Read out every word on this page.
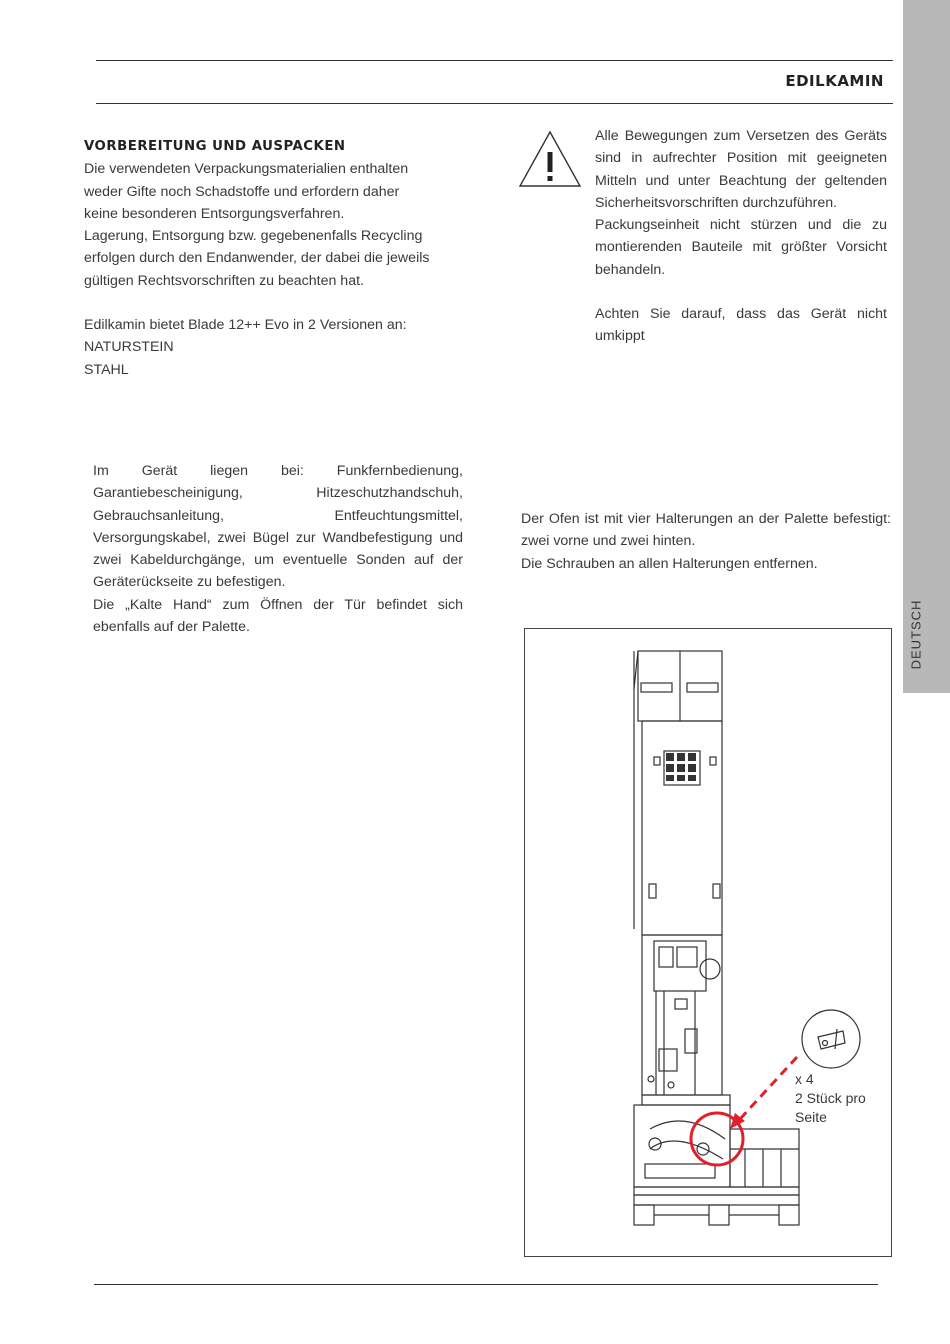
EDILKAMIN
DEUTSCH

VORBEREITUNG UND AUSPACKEN

Die verwendeten Verpackungsmaterialien enthalten

weder Gifte noch Schadstoffe und erfordern daher

keine besonderen Entsorgungsverfahren.

Lagerung, Entsorgung bzw. gegebenenfalls Recycling

erfolgen durch den Endanwender, der dabei die jeweils

gültigen Rechtsvorschriften zu beachten hat.

Edilkamin bietet Blade 12++ Evo in 2 Versionen an:

NATURSTEIN

STAHL

Im Gerät liegen bei: Funkfernbedienung, Garantiebescheinigung, Hitzeschutzhandschuh, Gebrauchsanleitung, Entfeuchtungsmittel, Versorgungskabel, zwei Bügel zur Wandbefestigung und zwei Kabeldurchgänge, um eventuelle Sonden auf der Geräterückseite zu befestigen.

Die „Kalte Hand“ zum Öffnen der Tür befindet sich ebenfalls auf der Palette.

Alle Bewegungen zum Versetzen des Geräts sind in aufrechter Position mit geeigneten Mitteln und unter Beachtung der geltenden Sicherheitsvorschriften durchzuführen.

Packungseinheit nicht stürzen und die zu montierenden Bauteile mit größter Vorsicht behandeln.

Achten Sie darauf, dass das Gerät nicht umkippt

Der Ofen ist mit vier Halterungen an der Palette befestigt: zwei vorne und zwei hinten.

Die Schrauben an allen Halterungen entfernen.

x 4

2 Stück pro

Seite
